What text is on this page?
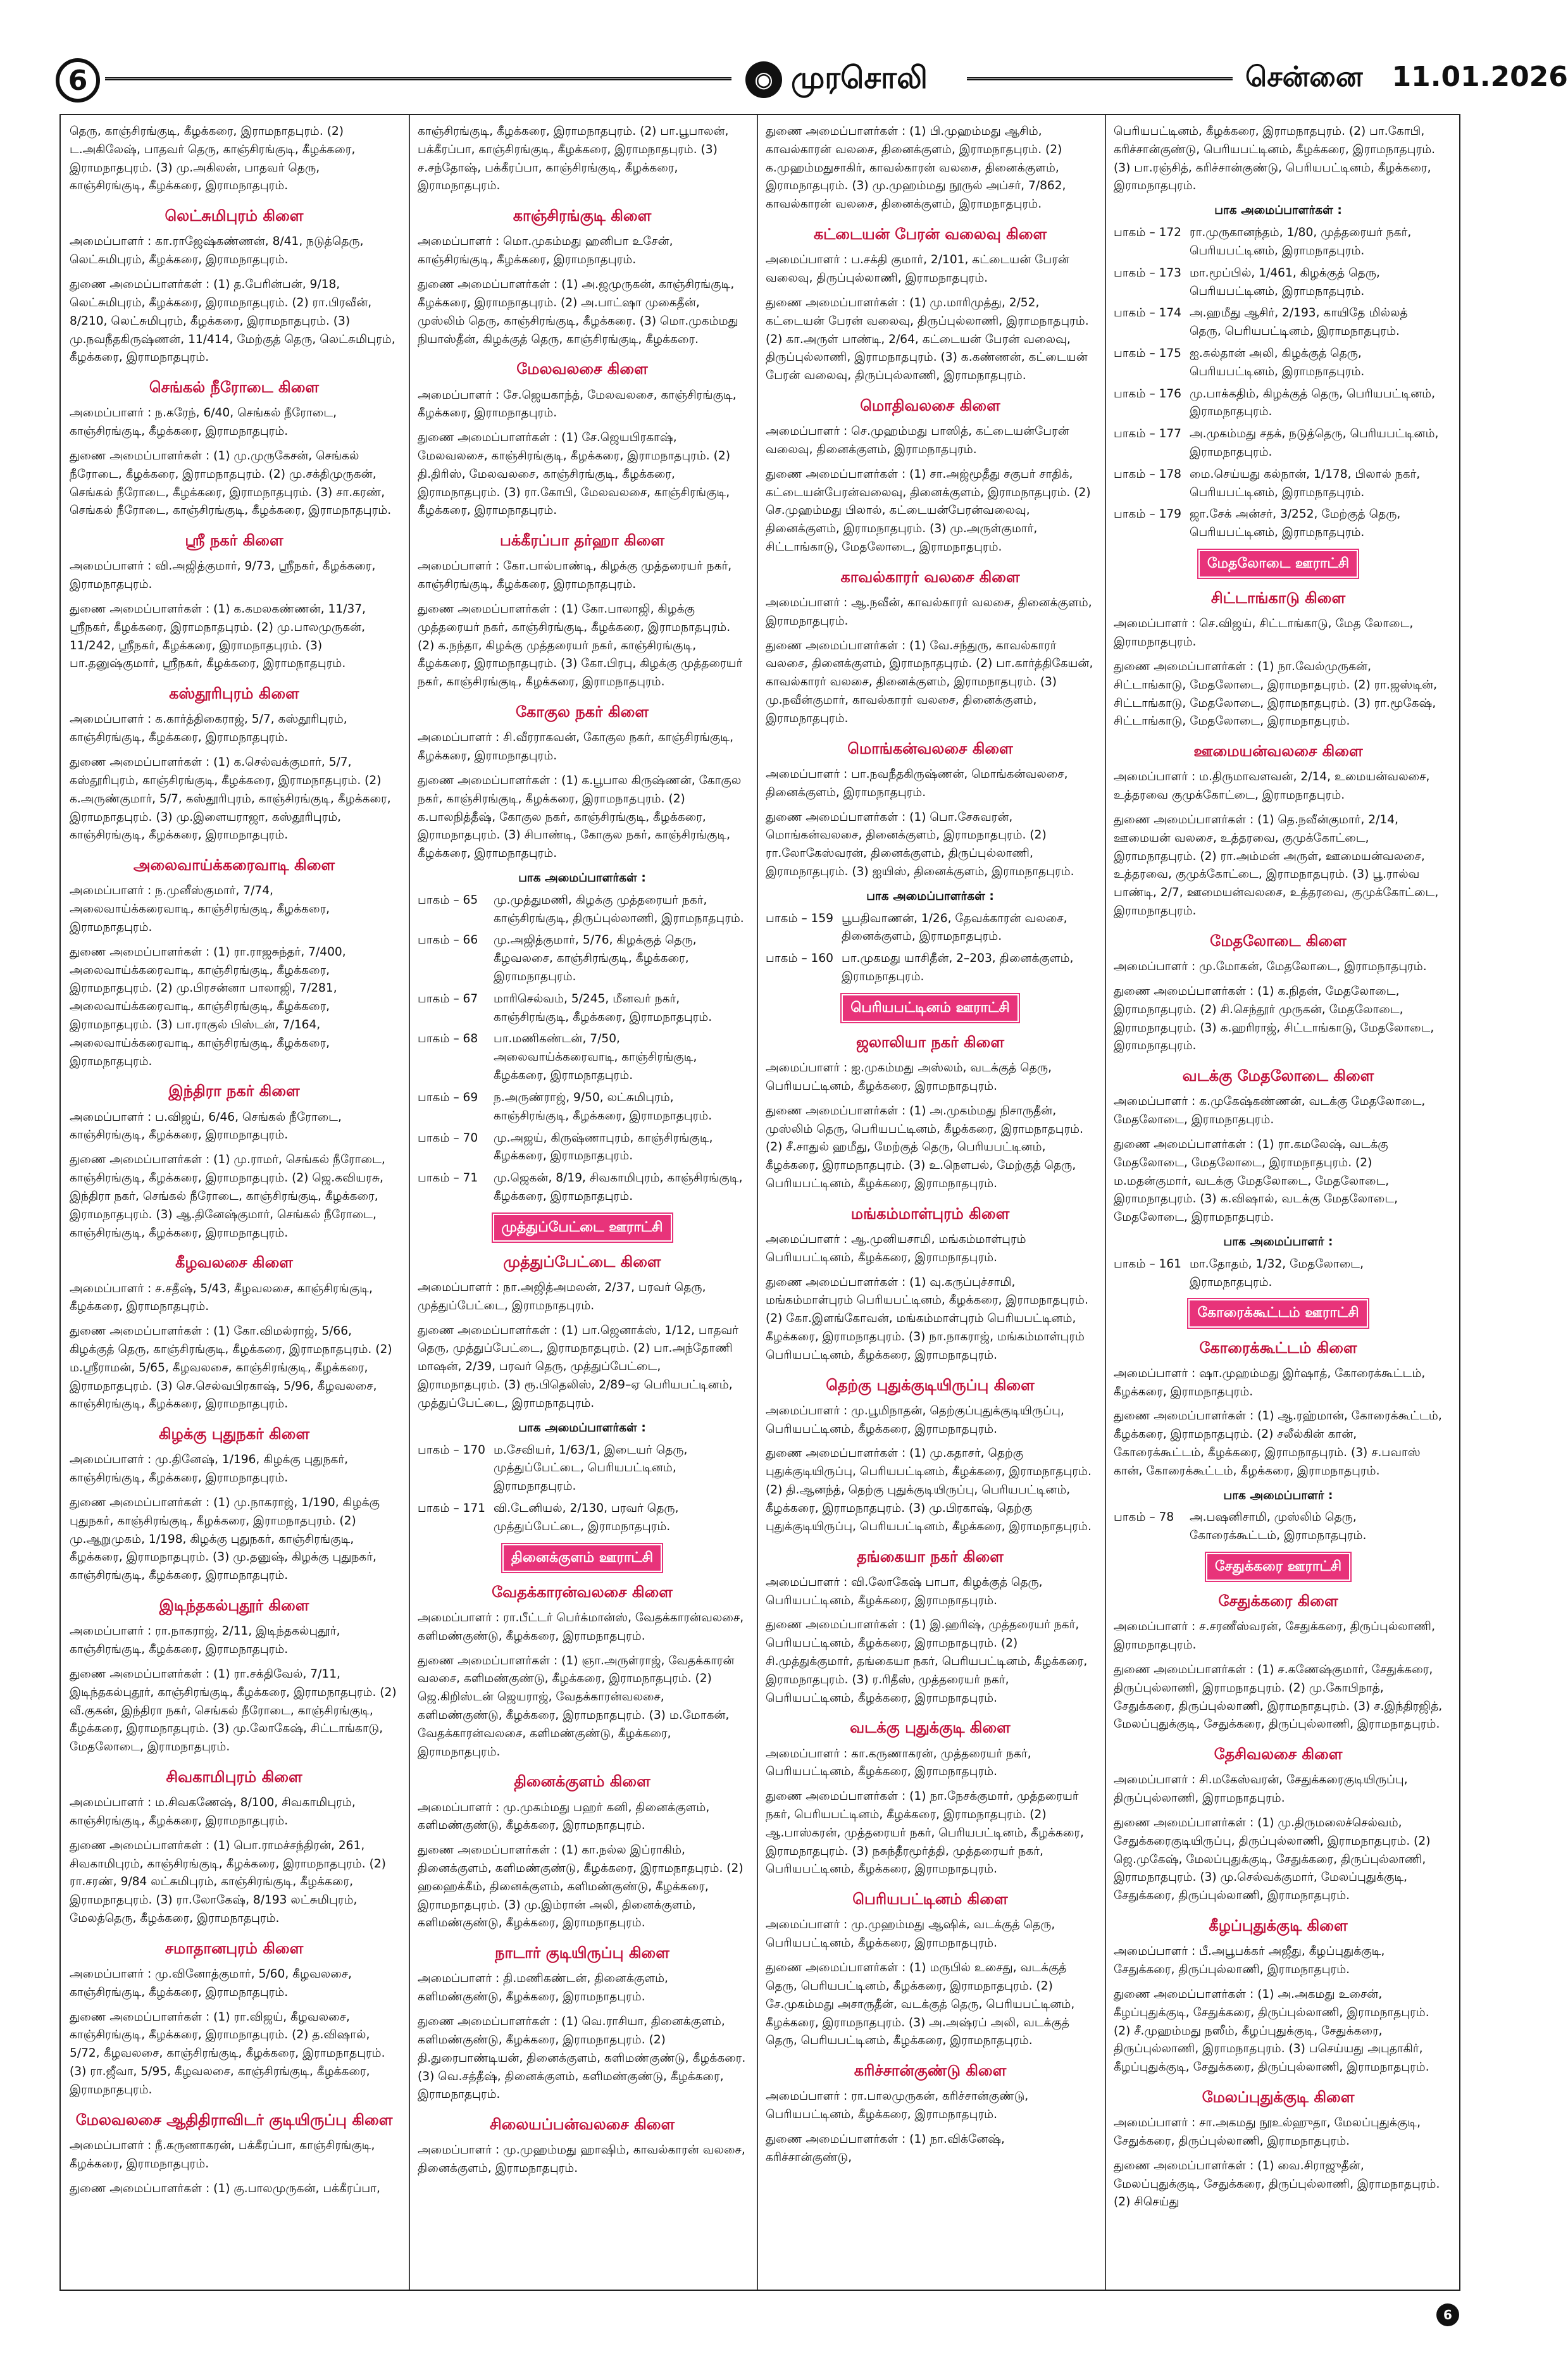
6	◉ முரசொலி	சென்னை 11.01.2026

தெரு, காஞ்சிரங்குடி, கீழக்கரை, இராமநாதபுரம். (2) ட.அகிலேஷ், பாதவர் தெரு, காஞ்சிரங்குடி, கீழக்கரை, இராமநாதபுரம். (3) மு.அகிலன், பாதவர் தெரு, காஞ்சிரங்குடி, கீழக்கரை, இராமநாதபுரம்.

லெட்சுமிபுரம் கிளை

அமைப்பாளர் : கா.ராஜேஷ்கண்ணன், 8/41, நடுத்தெரு, லெட்சுமிபுரம், கீழக்கரை, இராமநாதபுரம்.

துணை அமைப்பாளர்கள் : (1) த.பேரின்பன், 9/18, லெட்சுமிபுரம், கீழக்கரை, இராமநாதபுரம். (2) ரா.பிரவீன், 8/210, லெட்சுமிபுரம், கீழக்கரை, இராமநாதபுரம். (3) மு.நவநீதகிருஷ்ணன், 11/414, மேற்குத் தெரு, லெட்சுமிபுரம், கீழக்கரை, இராமநாதபுரம்.

செங்கல் நீரோடை கிளை

அமைப்பாளர் : ந.கரேந், 6/40, செங்கல் நீரோடை, காஞ்சிரங்குடி, கீழக்கரை, இராமநாதபுரம்.

துணை அமைப்பாளர்கள் : (1) மு.முருகேசன், செங்கல் நீரோடை, கீழக்கரை, இராமநாதபுரம். (2) மு.சக்திமுருகன், செங்கல் நீரோடை, கீழக்கரை, இராமநாதபுரம். (3) சா.கரண், செங்கல் நீரோடை, காஞ்சிரங்குடி, கீழக்கரை, இராமநாதபுரம்.

ஸ்ரீ நகர் கிளை

அமைப்பாளர் : வி.அஜித்குமார், 9/73, ஸ்ரீநகர், கீழக்கரை, இராமநாதபுரம்.

துணை அமைப்பாளர்கள் : (1) க.கமலகண்ணன், 11/37, ஸ்ரீநகர், கீழக்கரை, இராமநாதபுரம். (2) மு.பாலமுருகன், 11/242, ஸ்ரீநகர், கீழக்கரை, இராமநாதபுரம். (3) பா.தனுஷ்குமார், ஸ்ரீநகர், கீழக்கரை, இராமநாதபுரம்.

கஸ்தூரிபுரம் கிளை

அமைப்பாளர் : க.கார்த்திகைராஜ், 5/7, கஸ்தூரிபுரம், காஞ்சிரங்குடி, கீழக்கரை, இராமநாதபுரம்.

துணை அமைப்பாளர்கள் : (1) க.செல்வக்குமார், 5/7, கஸ்தூரிபுரம், காஞ்சிரங்குடி, கீழக்கரை, இராமநாதபுரம். (2) க.அருண்குமார், 5/7, கஸ்தூரிபுரம், காஞ்சிரங்குடி, கீழக்கரை, இராமநாதபுரம். (3) மு.இளையராஜா, கஸ்தூரிபுரம், காஞ்சிரங்குடி, கீழக்கரை, இராமநாதபுரம்.

அலைவாய்க்கரைவாடி கிளை

அமைப்பாளர் : ந.முனீஸ்குமார், 7/74, அலைவாய்க்கரைவாடி, காஞ்சிரங்குடி, கீழக்கரை, இராமநாதபுரம்.

துணை அமைப்பாளர்கள் : (1) ரா.ராஜசுந்தர், 7/400, அலைவாய்க்கரைவாடி, காஞ்சிரங்குடி, கீழக்கரை, இராமநாதபுரம். (2) மு.பிரசன்னா பாலாஜி, 7/281, அலைவாய்க்கரைவாடி, காஞ்சிரங்குடி, கீழக்கரை, இராமநாதபுரம். (3) பா.ராகுல் பிஸ்டன், 7/164, அலைவாய்க்கரைவாடி, காஞ்சிரங்குடி, கீழக்கரை, இராமநாதபுரம்.

இந்திரா நகர் கிளை

அமைப்பாளர் : ப.விஜய், 6/46, செங்கல் நீரோடை, காஞ்சிரங்குடி, கீழக்கரை, இராமநாதபுரம்.

துணை அமைப்பாளர்கள் : (1) மு.ராமர், செங்கல் நீரோடை, காஞ்சிரங்குடி, கீழக்கரை, இராமநாதபுரம். (2) ஜெ.கவியரசு, இந்திரா நகர், செங்கல் நீரோடை, காஞ்சிரங்குடி, கீழக்கரை, இராமநாதபுரம். (3) ஆ.தினேஷ்குமார், செங்கல் நீரோடை, காஞ்சிரங்குடி, கீழக்கரை, இராமநாதபுரம்.

கீழவலசை கிளை

அமைப்பாளர் : ச.சதீஷ், 5/43, கீழவலசை, காஞ்சிரங்குடி, கீழக்கரை, இராமநாதபுரம்.

துணை அமைப்பாளர்கள் : (1) கோ.விமல்ராஜ், 5/66, கிழக்குத் தெரு, காஞ்சிரங்குடி, கீழக்கரை, இராமநாதபுரம். (2) ம.ஸ்ரீராமன், 5/65, கீழவலசை, காஞ்சிரங்குடி, கீழக்கரை, இராமநாதபுரம். (3) செ.செல்வபிரகாஷ், 5/96, கீழவலசை, காஞ்சிரங்குடி, கீழக்கரை, இராமநாதபுரம்.

கிழக்கு புதுநகர் கிளை

அமைப்பாளர் : மு.தினேஷ், 1/196, கிழக்கு புதுநகர், காஞ்சிரங்குடி, கீழக்கரை, இராமநாதபுரம்.

துணை அமைப்பாளர்கள் : (1) மு.நாகராஜ், 1/190, கிழக்கு புதுநகர், காஞ்சிரங்குடி, கீழக்கரை, இராமநாதபுரம். (2) மு.ஆறுமுகம், 1/198, கிழக்கு புதுநகர், காஞ்சிரங்குடி, கீழக்கரை, இராமநாதபுரம். (3) மு.தனுஷ், கிழக்கு புதுநகர், காஞ்சிரங்குடி, கீழக்கரை, இராமநாதபுரம்.

இடிந்தகல்புதூர் கிளை

அமைப்பாளர் : ரா.நாகராஜ், 2/11, இடிந்தகல்புதூர், காஞ்சிரங்குடி, கீழக்கரை, இராமநாதபுரம்.

துணை அமைப்பாளர்கள் : (1) ரா.சக்திவேல், 7/11, இடிந்தகல்புதூர், காஞ்சிரங்குடி, கீழக்கரை, இராமநாதபுரம். (2) வீ.குகன், இந்திரா நகர், செங்கல் நீரோடை, காஞ்சிரங்குடி, கீழக்கரை, இராமநாதபுரம். (3) மு.லோகேஷ், சிட்டாங்காடு, மேதலோடை, இராமநாதபுரம்.

சிவகாமிபுரம் கிளை

அமைப்பாளர் : ம.சிவகணேஷ், 8/100, சிவகாமிபுரம், காஞ்சிரங்குடி, கீழக்கரை, இராமநாதபுரம்.

துணை அமைப்பாளர்கள் : (1) பொ.ராமச்சந்திரன், 261, சிவகாமிபுரம், காஞ்சிரங்குடி, கீழக்கரை, இராமநாதபுரம். (2) ரா.சரண், 9/84 லட்சுமிபுரம், காஞ்சிரங்குடி, கீழக்கரை, இராமநாதபுரம். (3) ரா.லோகேஷ், 8/193 லட்சுமிபுரம், மேலத்தெரு, கீழக்கரை, இராமநாதபுரம்.

சமாதானபுரம் கிளை

அமைப்பாளர் : மு.வினோத்குமார், 5/60, கீழவலசை, காஞ்சிரங்குடி, கீழக்கரை, இராமநாதபுரம்.

துணை அமைப்பாளர்கள் : (1) ரா.விஜய், கீழவலசை, காஞ்சிரங்குடி, கீழக்கரை, இராமநாதபுரம். (2) த.விஷால், 5/72, கீழவலசை, காஞ்சிரங்குடி, கீழக்கரை, இராமநாதபுரம். (3) ரா.ஜீவா, 5/95, கீழவலசை, காஞ்சிரங்குடி, கீழக்கரை, இராமநாதபுரம்.

மேலவலசை ஆதிதிராவிடர் குடியிருப்பு கிளை

அமைப்பாளர் : நீ.கருணாகரன், பக்கீரப்பா, காஞ்சிரங்குடி, கீழக்கரை, இராமநாதபுரம்.

துணை அமைப்பாளர்கள் : (1) கு.பாலமுருகன், பக்கீரப்பா,

காஞ்சிரங்குடி, கீழக்கரை, இராமநாதபுரம். (2) பா.பூபாலன், பக்கீரப்பா, காஞ்சிரங்குடி, கீழக்கரை, இராமநாதபுரம். (3) ச.சந்தோஷ், பக்கீரப்பா, காஞ்சிரங்குடி, கீழக்கரை, இராமநாதபுரம்.

காஞ்சிரங்குடி கிளை

அமைப்பாளர் : மொ.முகம்மது ஹனிபா உசேன், காஞ்சிரங்குடி, கீழக்கரை, இராமநாதபுரம்.

துணை அமைப்பாளர்கள் : (1) அ.ஜமுருகன், காஞ்சிரங்குடி, கீழக்கரை, இராமநாதபுரம். (2) அ.பாட்ஷா முகைதீன், முஸ்லிம் தெரு, காஞ்சிரங்குடி, கீழக்கரை. (3) மொ.முகம்மது நியாஸ்தீன், கிழக்குத் தெரு, காஞ்சிரங்குடி, கீழக்கரை.

மேலவலசை கிளை

அமைப்பாளர் : சே.ஜெயகாந்த், மேலவலசை, காஞ்சிரங்குடி, கீழக்கரை, இராமநாதபுரம்.

துணை அமைப்பாளர்கள் : (1) சே.ஜெயபிரகாஷ், மேலவலசை, காஞ்சிரங்குடி, கீழக்கரை, இராமநாதபுரம். (2) தி.திரிஸ், மேலவலசை, காஞ்சிரங்குடி, கீழக்கரை, இராமநாதபுரம். (3) ரா.கோபி, மேலவலசை, காஞ்சிரங்குடி, கீழக்கரை, இராமநாதபுரம்.

பக்கீரப்பா தர்ஹா கிளை

அமைப்பாளர் : கோ.பால்பாண்டி, கிழக்கு முத்தரையர் நகர், காஞ்சிரங்குடி, கீழக்கரை, இராமநாதபுரம்.

துணை அமைப்பாளர்கள் : (1) கோ.பாலாஜி, கிழக்கு முத்தரையர் நகர், காஞ்சிரங்குடி, கீழக்கரை, இராமநாதபுரம். (2) க.நந்தா, கிழக்கு முத்தரையர் நகர், காஞ்சிரங்குடி, கீழக்கரை, இராமநாதபுரம். (3) கோ.பிரபு, கிழக்கு முத்தரையர் நகர், காஞ்சிரங்குடி, கீழக்கரை, இராமநாதபுரம்.

கோகுல நகர் கிளை

அமைப்பாளர் : சி.வீரராகவன், கோகுல நகர், காஞ்சிரங்குடி, கீழக்கரை, இராமநாதபுரம்.

துணை அமைப்பாளர்கள் : (1) க.பூபால கிருஷ்ணன், கோகுல நகர், காஞ்சிரங்குடி, கீழக்கரை, இராமநாதபுரம். (2) க.பாலநித்தீஷ், கோகுல நகர், காஞ்சிரங்குடி, கீழக்கரை, இராமநாதபுரம். (3) சிபாண்டி, கோகுல நகர், காஞ்சிரங்குடி, கீழக்கரை, இராமநாதபுரம்.

பாக அமைப்பாளர்கள் :
பாகம் – 65	மு.முத்துமணி, கிழக்கு முத்தரையர் நகர், காஞ்சிரங்குடி, திருப்புல்லாணி, இராமநாதபுரம்.
பாகம் – 66	மு.அஜித்குமார், 5/76, கிழக்குத் தெரு, கீழவலசை, காஞ்சிரங்குடி, கீழக்கரை, இராமநாதபுரம்.
பாகம் – 67	மாரிசெல்வம், 5/245, மீனவர் நகர், காஞ்சிரங்குடி, கீழக்கரை, இராமநாதபுரம்.
பாகம் – 68	பா.மணிகண்டன், 7/50, அலைவாய்க்கரைவாடி, காஞ்சிரங்குடி, கீழக்கரை, இராமநாதபுரம்.
பாகம் – 69	ந.அருண்ராஜ், 9/50, லட்சுமிபுரம், காஞ்சிரங்குடி, கீழக்கரை, இராமநாதபுரம்.
பாகம் – 70	மு.அஜய், கிருஷ்ணாபுரம், காஞ்சிரங்குடி, கீழக்கரை, இராமநாதபுரம்.
பாகம் – 71	மு.ஜெகன், 8/19, சிவகாமிபுரம், காஞ்சிரங்குடி, கீழக்கரை, இராமநாதபுரம்.
முத்துப்பேட்டை ஊராட்சி
முத்துப்பேட்டை கிளை

அமைப்பாளர் : நா.அஜித்அமலன், 2/37, பரவர் தெரு, முத்துப்பேட்டை, இராமநாதபுரம்.

துணை அமைப்பாளர்கள் : (1) பா.ஜெனாக்ஸ், 1/12, பாதவர் தெரு, முத்துப்பேட்டை, இராமநாதபுரம். (2) பா.அந்தோணி மாஷன், 2/39, பரவர் தெரு, முத்துப்பேட்டை, இராமநாதபுரம். (3) ரூ.பிதெலிஸ், 2/89–ஏ பெரியபட்டினம், முத்துப்பேட்டை, இராமநாதபுரம்.

பாக அமைப்பாளர்கள் :
பாகம் – 170 ம.சேவியர், 1/63/1, இடையர் தெரு, முத்துப்பேட்டை, பெரியபட்டினம், இராமநாதபுரம்.
பாகம் – 171 வி.டேனியல், 2/130, பரவர் தெரு, முத்துப்பேட்டை, இராமநாதபுரம்.
தினைக்குளம் ஊராட்சி
வேதக்காரன்வலசை கிளை

அமைப்பாளர் : ரா.பீட்டர் பெர்க்மான்ஸ், வேதக்காரன்வலசை, களிமண்குண்டு, கீழக்கரை, இராமநாதபுரம்.

துணை அமைப்பாளர்கள் : (1) ஞா.அருள்ராஜ், வேதக்காரன் வலசை, களிமண்குண்டு, கீழக்கரை, இராமநாதபுரம். (2) ஜெ.கிறிஸ்டன் ஜெயராஜ், வேதக்காரன்வலசை, களிமண்குண்டு, கீழக்கரை, இராமநாதபுரம். (3) ம.மோகன், வேதக்காரன்வலசை, களிமண்குண்டு, கீழக்கரை, இராமநாதபுரம்.

தினைக்குளம் கிளை

அமைப்பாளர் : மு.முகம்மது பஹர் கனி, தினைக்குளம், களிமண்குண்டு, கீழக்கரை, இராமநாதபுரம்.

துணை அமைப்பாளர்கள் : (1) கா.நல்ல இப்ராகிம், தினைக்குளம், களிமண்குண்டு, கீழக்கரை, இராமநாதபுரம். (2) ஹஹைக்கீம், தினைக்குளம், களிமண்குண்டு, கீழக்கரை, இராமநாதபுரம். (3) மு.இம்ரான் அலி, தினைக்குளம், களிமண்குண்டு, கீழக்கரை, இராமநாதபுரம்.

நாடார் குடியிருப்பு கிளை

அமைப்பாளர் : தி.மணிகண்டன், தினைக்குளம், களிமண்குண்டு, கீழக்கரை, இராமநாதபுரம்.

துணை அமைப்பாளர்கள் : (1) வெ.ராசியா, தினைக்குளம், களிமண்குண்டு, கீழக்கரை, இராமநாதபுரம். (2) தி.துரைபாண்டியன், தினைக்குளம், களிமண்குண்டு, கீழக்கரை. (3) வெ.சத்தீஷ், தினைக்குளம், களிமண்குண்டு, கீழக்கரை, இராமநாதபுரம்.

சிலையப்பன்வலசை கிளை

அமைப்பாளர் : மு.முஹம்மது ஹாஷிம், காவல்காரன் வலசை, தினைக்குளம், இராமநாதபுரம்.

துணை அமைப்பாளர்கள் : (1) பி.முஹம்மது ஆசிம், காவல்காரன் வலசை, தினைக்குளம், இராமநாதபுரம். (2) க.முஹம்மதுசாகிர், காவல்காரன் வலசை, தினைக்குளம், இராமநாதபுரம். (3) மு.முஹம்மது நூருல் அப்சர், 7/862, காவல்காரன் வலசை, தினைக்குளம், இராமநாதபுரம்.

கட்டையன் பேரன் வலைவு கிளை

அமைப்பாளர் : ப.சக்தி குமார், 2/101, கட்டையன் பேரன் வலைவு, திருப்புல்லாணி, இராமநாதபுரம்.

துணை அமைப்பாளர்கள் : (1) மு.மாரிமுத்து, 2/52, கட்டையன் பேரன் வலைவு, திருப்புல்லாணி, இராமநாதபுரம். (2) கா.அருள் பாண்டி, 2/64, கட்டையன் பேரன் வலைவு, திருப்புல்லாணி, இராமநாதபுரம். (3) க.கண்ணன், கட்டையன் பேரன் வலைவு, திருப்புல்லாணி, இராமநாதபுரம்.

மொதிவலசை கிளை

அமைப்பாளர் : செ.முஹம்மது பாஸித், கட்டையன்பேரன் வலைவு, தினைக்குளம், இராமநாதபுரம்.

துணை அமைப்பாளர்கள் : (1) சா.அஜ்மூதீது சகுபர் சாதிக், கட்டையன்பேரன்வலைவு, தினைக்குளம், இராமநாதபுரம். (2) செ.முஹம்மது பிலால், கட்டையன்பேரன்வலைவு, தினைக்குளம், இராமநாதபுரம். (3) மு.அருள்குமார், சிட்டாங்காடு, மேதலோடை, இராமநாதபுரம்.

காவல்காரர் வலசை கிளை

அமைப்பாளர் : ஆ.நவீன், காவல்காரர் வலசை, தினைக்குளம், இராமநாதபுரம்.

துணை அமைப்பாளர்கள் : (1) வே.சந்துரு, காவல்காரர் வலசை, தினைக்குளம், இராமநாதபுரம். (2) பா.கார்த்திகேயன், காவல்காரர் வலசை, தினைக்குளம், இராமநாதபுரம். (3) மு.நவீன்குமார், காவல்காரர் வலசை, தினைக்குளம், இராமநாதபுரம்.

மொங்கன்வலசை கிளை

அமைப்பாளர் : பா.நவநீதகிருஷ்ணன், மொங்கன்வலசை, தினைக்குளம், இராமநாதபுரம்.

துணை அமைப்பாளர்கள் : (1) பொ.சேசுவரன், மொங்கன்வலசை, தினைக்குளம், இராமநாதபுரம். (2) ரா.லோகேஸ்வரன், தினைக்குளம், திருப்புல்லாணி, இராமநாதபுரம். (3) ஐயிஸ், தினைக்குளம், இராமநாதபுரம்.

பாக அமைப்பாளர்கள் :
பாகம் – 159 பூபதிவாணன், 1/26, தேவக்காரன் வலசை, தினைக்குளம், இராமநாதபுரம்.
பாகம் – 160 பா.முகமது யாசிதீன், 2–203, தினைக்குளம், இராமநாதபுரம்.
பெரியபட்டினம் ஊராட்சி
ஜலாலியா நகர் கிளை

அமைப்பாளர் : ஐ.முகம்மது அஸ்லம், வடக்குத் தெரு, பெரியபட்டினம், கீழக்கரை, இராமநாதபுரம்.

துணை அமைப்பாளர்கள் : (1) அ.முகம்மது நிசாருதீன், முஸ்லிம் தெரு, பெரியபட்டினம், கீழக்கரை, இராமநாதபுரம். (2) சீ.சாதுல் ஹமீது, மேற்குத் தெரு, பெரியபட்டினம், கீழக்கரை, இராமநாதபுரம். (3) உ.நௌபல், மேற்குத் தெரு, பெரியபட்டினம், கீழக்கரை, இராமநாதபுரம்.

மங்கம்மாள்புரம் கிளை

அமைப்பாளர் : ஆ.முனியசாமி, மங்கம்மாள்புரம் பெரியபட்டினம், கீழக்கரை, இராமநாதபுரம்.

துணை அமைப்பாளர்கள் : (1) வு.கருப்புச்சாமி, மங்கம்மாள்புரம் பெரியபட்டினம், கீழக்கரை, இராமநாதபுரம். (2) கோ.இளங்கோவன், மங்கம்மாள்புரம் பெரியபட்டினம், கீழக்கரை, இராமநாதபுரம். (3) நா.நாகராஜ், மங்கம்மாள்புரம் பெரியபட்டினம், கீழக்கரை, இராமநாதபுரம்.

தெற்கு புதுக்குடியிருப்பு கிளை

அமைப்பாளர் : மு.பூமிநாதன், தெற்குப்புதுக்குடியிருப்பு, பெரியபட்டினம், கீழக்கரை, இராமநாதபுரம்.

துணை அமைப்பாளர்கள் : (1) மு.கதாசர், தெற்கு புதுக்குடியிருப்பு, பெரியபட்டினம், கீழக்கரை, இராமநாதபுரம். (2) தி.ஆனந்த், தெற்கு புதுக்குடியிருப்பு, பெரியபட்டினம், கீழக்கரை, இராமநாதபுரம். (3) மு.பிரகாஷ், தெற்கு புதுக்குடியிருப்பு, பெரியபட்டினம், கீழக்கரை, இராமநாதபுரம்.

தங்கையா நகர் கிளை

அமைப்பாளர் : வி.லோகேஷ் பாபா, கிழக்குத் தெரு, பெரியபட்டினம், கீழக்கரை, இராமநாதபுரம்.

துணை அமைப்பாளர்கள் : (1) இ.ஹரிஷ், முத்தரையர் நகர், பெரியபட்டினம், கீழக்கரை, இராமநாதபுரம். (2) சி.முத்துக்குமார், தங்கையா நகர், பெரியபட்டினம், கீழக்கரை, இராமநாதபுரம். (3) ர.ரிதீஸ், முத்தரையர் நகர், பெரியபட்டினம், கீழக்கரை, இராமநாதபுரம்.

வடக்கு புதுக்குடி கிளை

அமைப்பாளர் : கா.கருணாகரன், முத்தரையர் நகர், பெரியபட்டினம், கீழக்கரை, இராமநாதபுரம்.

துணை அமைப்பாளர்கள் : (1) நா.நேசக்குமார், முத்தரையர் நகர், பெரியபட்டினம், கீழக்கரை, இராமநாதபுரம். (2) ஆ.பாஸ்கரன், முத்தரையர் நகர், பெரியபட்டினம், கீழக்கரை, இராமநாதபுரம். (3) நசுந்தீரமூர்த்தி, முத்தரையர் நகர், பெரியபட்டினம், கீழக்கரை, இராமநாதபுரம்.

பெரியபட்டினம் கிளை

அமைப்பாளர் : மு.முஹம்மது ஆஷிக், வடக்குத் தெரு, பெரியபட்டினம், கீழக்கரை, இராமநாதபுரம்.

துணை அமைப்பாளர்கள் : (1) மருபில் உசைது, வடக்குத் தெரு, பெரியபட்டினம், கீழக்கரை, இராமநாதபுரம். (2) சே.முகம்மது அசாருதீன், வடக்குத் தெரு, பெரியபட்டினம், கீழக்கரை, இராமநாதபுரம். (3) அ.அஷ்ரப் அலி, வடக்குத் தெரு, பெரியபட்டினம், கீழக்கரை, இராமநாதபுரம்.

கரிச்சான்குண்டு கிளை

அமைப்பாளர் : ரா.பாலமுருகன், கரிச்சான்குண்டு, பெரியபட்டினம், கீழக்கரை, இராமநாதபுரம்.

துணை அமைப்பாளர்கள் : (1) நா.விக்னேஷ், கரிச்சான்குண்டு,

பெரியபட்டினம், கீழக்கரை, இராமநாதபுரம். (2) பா.கோபி, கரிச்சான்குண்டு, பெரியபட்டினம், கீழக்கரை, இராமநாதபுரம். (3) பா.ரஞ்சித், கரிச்சான்குண்டு, பெரியபட்டினம், கீழக்கரை, இராமநாதபுரம்.

பாக அமைப்பாளர்கள் :
பாகம் – 172 ரா.முருகானந்தம், 1/80, முத்தரையர் நகர், பெரியபட்டினம், இராமநாதபுரம்.
பாகம் – 173 மா.மூப்பில், 1/461, கிழக்குத் தெரு, பெரியபட்டினம், இராமநாதபுரம்.
பாகம் – 174 அ.ஹமீது ஆசிர், 2/193, காயிதே மில்லத் தெரு, பெரியபட்டினம், இராமநாதபுரம்.
பாகம் – 175 ஐ.சுல்தான் அலி, கிழக்குத் தெரு, பெரியபட்டினம், இராமநாதபுரம்.
பாகம் – 176 மு.பாக்கதிம், கிழக்குத் தெரு, பெரியபட்டினம், இராமநாதபுரம்.
பாகம் – 177 அ.முகம்மது சதக், நடுத்தெரு, பெரியபட்டினம், இராமநாதபுரம்.
பாகம் – 178 மை.செய்யது கல்நான், 1/178, பிலால் நகர், பெரியபட்டினம், இராமநாதபுரம்.
பாகம் – 179 ஜா.சேக் அன்சர், 3/252, மேற்குத் தெரு, பெரியபட்டினம், இராமநாதபுரம்.
மேதலோடை ஊராட்சி
சிட்டாங்காடு கிளை

அமைப்பாளர் : செ.விஜய், சிட்டாங்காடு, மேத லோடை, இராமநாதபுரம்.

துணை அமைப்பாளர்கள் : (1) நா.வேல்முருகன், சிட்டாங்காடு, மேதலோடை, இராமநாதபுரம். (2) ரா.ஜஸ்டின், சிட்டாங்காடு, மேதலோடை, இராமநாதபுரம். (3) ரா.மூகேஷ், சிட்டாங்காடு, மேதலோடை, இராமநாதபுரம்.

ஊமையன்வலசை கிளை

அமைப்பாளர் : ம.திருமாவளவன், 2/14, உமையன்வலசை, உத்தரவை குமுக்கோட்டை, இராமநாதபுரம்.

துணை அமைப்பாளர்கள் : (1) தெ.நவீன்குமார், 2/14, ஊமையன் வலசை, உத்தரவை, குமுக்கோட்டை, இராமநாதபுரம். (2) ரா.அம்மன் அருள், ஊமையன்வலசை, உத்தரவை, குமுக்கோட்டை, இராமநாதபுரம். (3) பூ.ரால்வ பாண்டி, 2/7, ஊமையன்வலசை, உத்தரவை, குமுக்கோட்டை, இராமநாதபுரம்.

மேதலோடை கிளை

அமைப்பாளர் : மு.மோகன், மேதலோடை, இராமநாதபுரம்.

துணை அமைப்பாளர்கள் : (1) க.நிதன், மேதலோடை, இராமநாதபுரம். (2) சி.செந்தூர் முருகன், மேதலோடை, இராமநாதபுரம். (3) க.ஹரிராஜ், சிட்டாங்காடு, மேதலோடை, இராமநாதபுரம்.

வடக்கு மேதலோடை கிளை

அமைப்பாளர் : க.முகேஷ்கண்ணன், வடக்கு மேதலோடை, மேதலோடை, இராமநாதபுரம்.

துணை அமைப்பாளர்கள் : (1) ரா.கமலேஷ், வடக்கு மேதலோடை, மேதலோடை, இராமநாதபுரம். (2) ம.மதன்குமார், வடக்கு மேதலோடை, மேதலோடை, இராமநாதபுரம். (3) க.விஷால், வடக்கு மேதலோடை, மேதலோடை, இராமநாதபுரம்.

பாக அமைப்பாளர் :
பாகம் – 161 மா.தோதம், 1/32, மேதலோடை, இராமநாதபுரம்.
கோரைக்கூட்டம் ஊராட்சி
கோரைக்கூட்டம் கிளை

அமைப்பாளர் : ஷா.முஹம்மது இர்ஷாத், கோரைக்கூட்டம், கீழக்கரை, இராமநாதபுரம்.

துணை அமைப்பாளர்கள் : (1) ஆ.ரஹ்மான், கோரைக்கூட்டம், கீழக்கரை, இராமநாதபுரம். (2) சலீல்கின் கான், கோரைக்கூட்டம், கீழக்கரை, இராமநாதபுரம். (3) ச.பவாஸ் கான், கோரைக்கூட்டம், கீழக்கரை, இராமநாதபுரம்.

பாக அமைப்பாளர் :
பாகம் – 78	அ.பஷனிசாமி, முஸ்லிம் தெரு, கோரைக்கூட்டம், இராமநாதபுரம்.
சேதுக்கரை ஊராட்சி
சேதுக்கரை கிளை

அமைப்பாளர் : ச.சரணீஸ்வரன், சேதுக்கரை, திருப்புல்லாணி, இராமநாதபுரம்.

துணை அமைப்பாளர்கள் : (1) ச.கணேஷ்குமார், சேதுக்கரை, திருப்புல்லாணி, இராமநாதபுரம். (2) மு.கோபிநாத், சேதுக்கரை, திருப்புல்லாணி, இராமநாதபுரம். (3) ச.இந்திரஜித், மேலப்புதுக்குடி, சேதுக்கரை, திருப்புல்லாணி, இராமநாதபுரம்.

தேசிவலசை கிளை

அமைப்பாளர் : சி.மகேஸ்வரன், சேதுக்கரைகுடியிருப்பு, திருப்புல்லாணி, இராமநாதபுரம்.

துணை அமைப்பாளர்கள் : (1) மு.திருமலைச்செல்வம், சேதுக்கரைகுடியிருப்பு, திருப்புல்லாணி, இராமநாதபுரம். (2) ஜெ.முகேஷ், மேலப்புதுக்குடி, சேதுக்கரை, திருப்புல்லாணி, இராமநாதபுரம். (3) மு.செல்வக்குமார், மேலப்புதுக்குடி, சேதுக்கரை, திருப்புல்லாணி, இராமநாதபுரம்.

கீழப்புதுக்குடி கிளை

அமைப்பாளர் : பீ.அபூபக்கர் அஜீது, கீழப்புதுக்குடி, சேதுக்கரை, திருப்புல்லாணி, இராமநாதபுரம்.

துணை அமைப்பாளர்கள் : (1) அ.அகமது உசைன், கீழப்புதுக்குடி, சேதுக்கரை, திருப்புல்லாணி, இராமநாதபுரம். (2) சீ.முஹம்மது நஸீம், கீழப்புதுக்குடி, சேதுக்கரை, திருப்புல்லாணி, இராமநாதபுரம். (3) பசெய்யது அபுதாகிர், கீழப்புதுக்குடி, சேதுக்கரை, திருப்புல்லாணி, இராமநாதபுரம்.

மேலப்புதுக்குடி கிளை

அமைப்பாளர் : சா.அகமது நூஉல்ஹுதா, மேலப்புதுக்குடி, சேதுக்கரை, திருப்புல்லாணி, இராமநாதபுரம்.

துணை அமைப்பாளர்கள் : (1) வை.சிராஜுதீன், மேலப்புதுக்குடி, சேதுக்கரை, திருப்புல்லாணி, இராமநாதபுரம். (2) சிசெய்து

6
